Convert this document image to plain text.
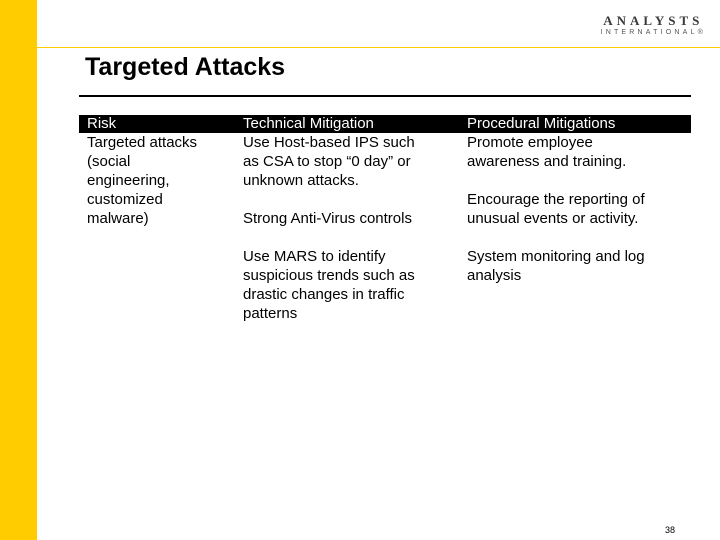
ANALYSTS
INTERNATIONAL®
Targeted Attacks
Risk	Technical Mitigation	Procedural Mitigations
Targeted attacks
(social
engineering,
customized
malware)
Use Host-based IPS such
as CSA to stop “0 day” or
unknown attacks.
Strong Anti-Virus controls
Use MARS to identify
suspicious trends such as
drastic changes in traffic
patterns
Promote employee
awareness and training.
Encourage the reporting of
unusual events or activity.
System monitoring and log
analysis
38
